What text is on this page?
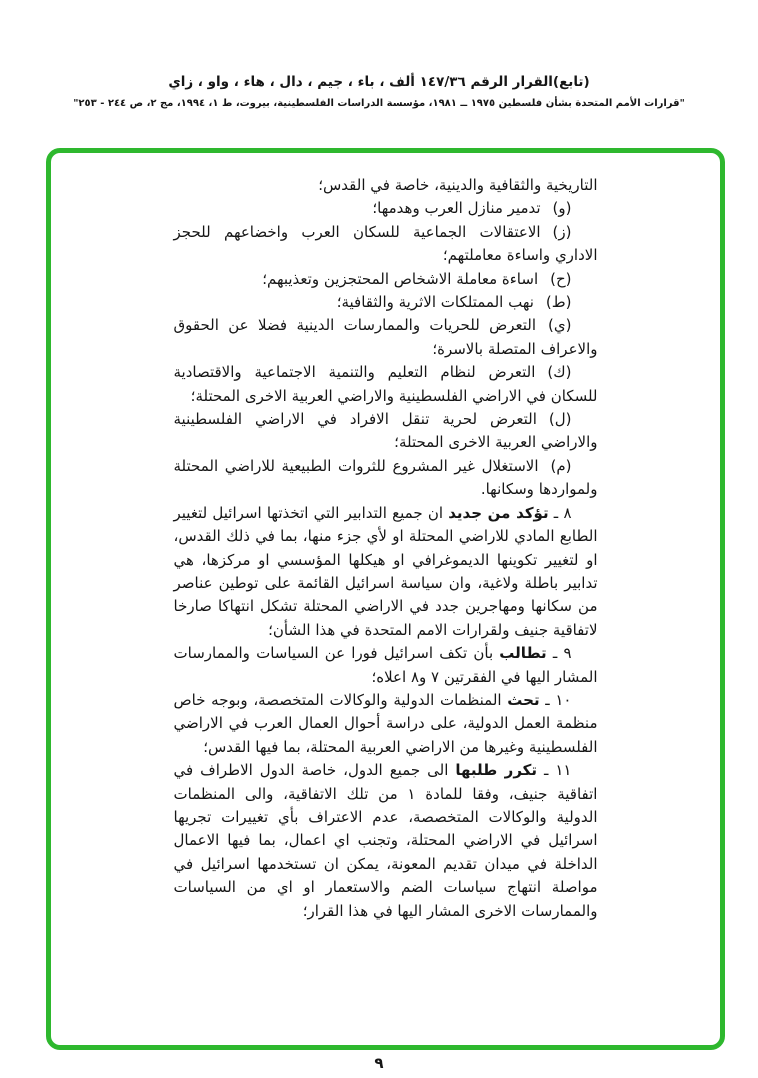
(تابع)القرار الرقم ١٤٧/٣٦ ألف ، باء ، جيم ، دال ، هاء ، واو ، زاي
"قرارات الأمم المتحدة بشأن فلسطين ١٩٧٥ ــ ١٩٨١، مؤسسة الدراسات الفلسطينية، بيروت، ط ١، ١٩٩٤، مج ٢، ص ٢٤٤ - ٢٥٣"

التاريخية والثقافية والدينية، خاصة في القدس؛

(و)تدمير منازل العرب وهدمها؛

(ز)الاعتقالات الجماعية للسكان العرب واخضاعهم للحجز الاداري واساءة معاملتهم؛

(ح)اساءة معاملة الاشخاص المحتجزين وتعذيبهم؛

(ط)نهب الممتلكات الاثرية والثقافية؛

(ي)التعرض للحريات والممارسات الدينية فضلا عن الحقوق والاعراف المتصلة بالاسرة؛

(ك)التعرض لنظام التعليم والتنمية الاجتماعية والاقتصادية للسكان في الاراضي الفلسطينية والاراضي العربية الاخرى المحتلة؛

(ل)التعرض لحرية تنقل الافراد في الاراضي الفلسطينية والاراضي العربية الاخرى المحتلة؛

(م)الاستغلال غير المشروع للثروات الطبيعية للاراضي المحتلة ولمواردها وسكانها.

٨ ـ تؤكد من جديد ان جميع التدابير التي اتخذتها اسرائيل لتغيير الطابع المادي للاراضي المحتلة او لأي جزء منها، بما في ذلك القدس، او لتغيير تكوينها الديموغرافي او هيكلها المؤسسي او مركزها، هي تدابير باطلة ولاغية، وان سياسة اسرائيل القائمة على توطين عناصر من سكانها ومهاجرين جدد في الاراضي المحتلة تشكل انتهاكا صارخا لاتفاقية جنيف ولقرارات الامم المتحدة في هذا الشأن؛

٩ ـ تطالب بأن تكف اسرائيل فورا عن السياسات والممارسات المشار اليها في الفقرتين ٧ و٨ اعلاه؛

١٠ ـ تحث المنظمات الدولية والوكالات المتخصصة، وبوجه خاص منظمة العمل الدولية، على دراسة أحوال العمال العرب في الاراضي الفلسطينية وغيرها من الاراضي العربية المحتلة، بما فيها القدس؛

١١ ـ تكرر طلبها الى جميع الدول، خاصة الدول الاطراف في اتفاقية جنيف، وفقا للمادة ١ من تلك الاتفاقية، والى المنظمات الدولية والوكالات المتخصصة، عدم الاعتراف بأي تغييرات تجريها اسرائيل في الاراضي المحتلة، وتجنب اي اعمال، بما فيها الاعمال الداخلة في ميدان تقديم المعونة، يمكن ان تستخدمها اسرائيل في مواصلة انتهاج سياسات الضم والاستعمار او اي من السياسات والممارسات الاخرى المشار اليها في هذا القرار؛

٩
